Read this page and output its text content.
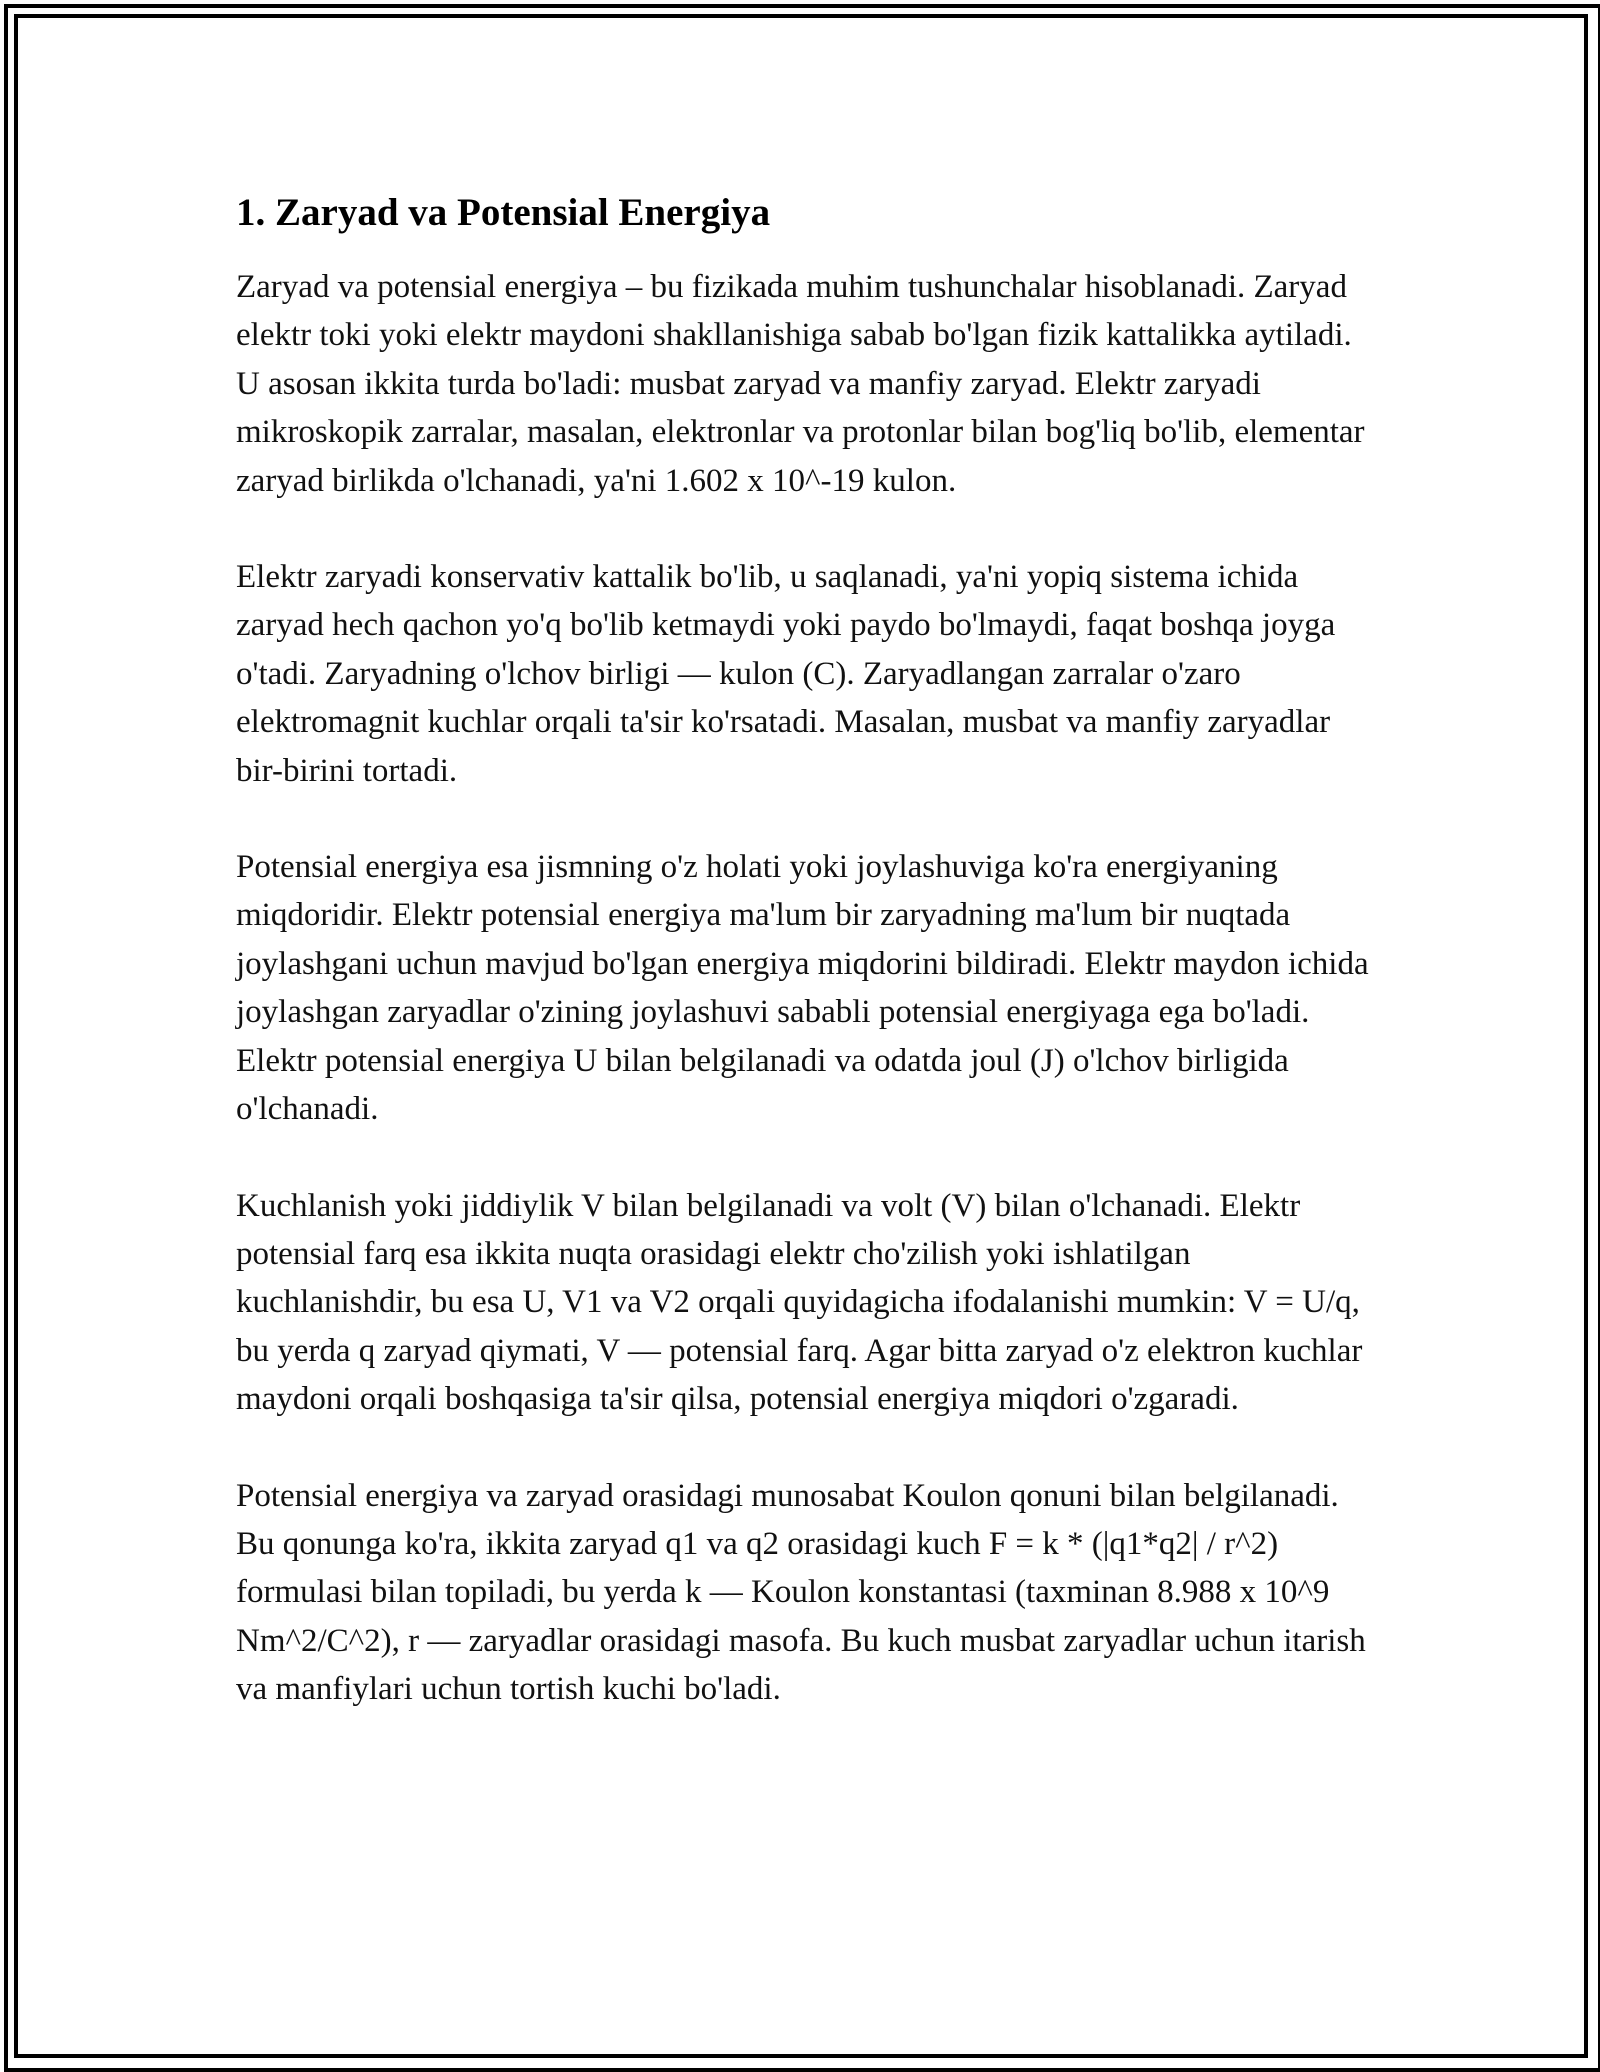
1. Zaryad va Potensial Energiya

Zaryad va potensial energiya – bu fizikada muhim tushunchalar hisoblanadi. Zaryad elektr toki yoki elektr maydoni shakllanishiga sabab bo'lgan fizik kattalikka aytiladi. U asosan ikkita turda bo'ladi: musbat zaryad va manfiy zaryad. Elektr zaryadi mikroskopik zarralar, masalan, elektronlar va protonlar bilan bog'liq bo'lib, elementar zaryad birlikda o'lchanadi, ya'ni 1.602 x 10^-19 kulon.

Elektr zaryadi konservativ kattalik bo'lib, u saqlanadi, ya'ni yopiq sistema ichida zaryad hech qachon yo'q bo'lib ketmaydi yoki paydo bo'lmaydi, faqat boshqa joyga o'tadi. Zaryadning o'lchov birligi — kulon (C). Zaryadlangan zarralar o'zaro elektromagnit kuchlar orqali ta'sir ko'rsatadi. Masalan, musbat va manfiy zaryadlar bir-birini tortadi.

Potensial energiya esa jismning o'z holati yoki joylashuviga ko'ra energiyaning miqdoridir. Elektr potensial energiya ma'lum bir zaryadning ma'lum bir nuqtada joylashgani uchun mavjud bo'lgan energiya miqdorini bildiradi. Elektr maydon ichida joylashgan zaryadlar o'zining joylashuvi sababli potensial energiyaga ega bo'ladi. Elektr potensial energiya U bilan belgilanadi va odatda joul (J) o'lchov birligida o'lchanadi.

Kuchlanish yoki jiddiylik V bilan belgilanadi va volt (V) bilan o'lchanadi. Elektr potensial farq esa ikkita nuqta orasidagi elektr cho'zilish yoki ishlatilgan kuchlanishdir, bu esa U, V1 va V2 orqali quyidagicha ifodalanishi mumkin: V = U/q, bu yerda q zaryad qiymati, V — potensial farq. Agar bitta zaryad o'z elektron kuchlar maydoni orqali boshqasiga ta'sir qilsa, potensial energiya miqdori o'zgaradi.

Potensial energiya va zaryad orasidagi munosabat Koulon qonuni bilan belgilanadi. Bu qonunga ko'ra, ikkita zaryad q1 va q2 orasidagi kuch F = k * (|q1*q2| / r^2) formulasi bilan topiladi, bu yerda k — Koulon konstantasi (taxminan 8.988 x 10^9 Nm^2/C^2), r — zaryadlar orasidagi masofa. Bu kuch musbat zaryadlar uchun itarish va manfiylari uchun tortish kuchi bo'ladi.
